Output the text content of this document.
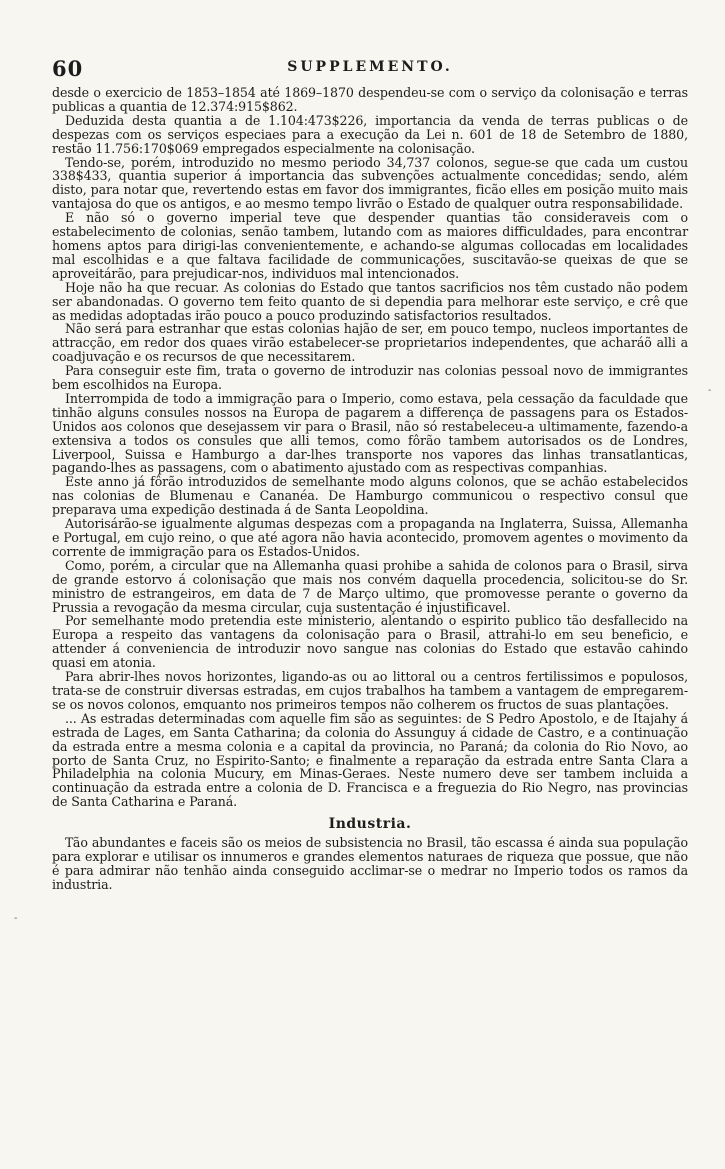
-
-
60	SUPPLEMENTO.

desde o exercicio de 1853–1854 até 1869–1870 despendeu-se com o serviço da colonisação e terras publicas a quantia de 12.374:915$862.

Deduzida desta quantia a de 1.104:473$226, importancia da venda de terras publicas o de despezas com os serviços especiaes para a execução da Lei n. 601 de 18 de Setembro de 1880, restão 11.756:170$069 empregados especialmente na colonisação.

Tendo-se, porém, introduzido no mesmo periodo 34,737 colonos, segue-se que cada um custou 338$433, quantia superior á importancia das subvenções actualmente concedidas; sendo, além disto, para notar que, revertendo estas em favor dos immigrantes, ficão elles em posição muito mais vantajosa do que os antigos, e ao mesmo tempo livrão o Estado de qualquer outra responsabilidade.

E não só o governo imperial teve que despender quantias tão consideraveis com o estabelecimento de colonias, senão tambem, lutando com as maiores difficuldades, para encontrar homens aptos para dirigi-las convenientemente, e achando-se algumas collocadas em localidades mal escolhidas e a que faltava facilidade de communicações, suscitavão-se queixas de que se aproveitárão, para prejudicar-nos, individuos mal intencionados.

Hoje não ha que recuar. As colonias do Estado que tantos sacrificios nos têm custado não podem ser abandonadas. O governo tem feito quanto de si dependia para melhorar este serviço, e crê que as medidas adoptadas irão pouco a pouco produzindo satisfactorios resultados.

Não será para estranhar que estas colonias hajão de ser, em pouco tempo, nucleos importantes de attracção, em redor dos quaes virão estabelecer-se proprietarios independentes, que acharáõ alli a coadjuvação e os recursos de que necessitarem.

Para conseguir este fim, trata o governo de introduzir nas colonias pessoal novo de immigrantes bem escolhidos na Europa.

Interrompida de todo a immigração para o Imperio, como estava, pela cessação da faculdade que tinhão alguns consules nossos na Europa de pagarem a differença de passagens para os Estados-Unidos aos colonos que desejassem vir para o Brasil, não só restabeleceu-a ultimamente, fazendo-a extensiva a todos os consules que alli temos, como fôrão tambem autorisados os de Londres, Liverpool, Suissa e Hamburgo a dar-lhes transporte nos vapores das linhas transatlanticas, pagando-lhes as passagens, com o abatimento ajustado com as respectivas companhias.

Este anno já fôrão introduzidos de semelhante modo alguns colonos, que se achão estabelecidos nas colonias de Blumenau e Cananéa. De Hamburgo communicou o respectivo consul que preparava uma expedição destinada á de Santa Leopoldina.

Autorisárão-se igualmente algumas despezas com a propaganda na Inglaterra, Suissa, Allemanha e Portugal, em cujo reino, o que até agora não havia acontecido, promovem agentes o movimento da corrente de immigração para os Estados-Unidos.

Como, porém, a circular que na Allemanha quasi prohibe a sahida de colonos para o Brasil, sirva de grande estorvo á colonisação que mais nos convém daquella procedencia, solicitou-se do Sr. ministro de estrangeiros, em data de 7 de Março ultimo, que promovesse perante o governo da Prussia a revogação da mesma circular, cuja sustentação é injustificavel.

Por semelhante modo pretendia este ministerio, alentando o espirito publico tão desfallecido na Europa a respeito das vantagens da colonisação para o Brasil, attrahi-lo em seu beneficio, e attender á conveniencia de introduzir novo sangue nas colonias do Estado que estavão cahindo quasi em atonia.

Para abrir-lhes novos horizontes, ligando-as ou ao littoral ou a centros fertilissimos e populosos, trata-se de construir diversas estradas, em cujos trabalhos ha tambem a vantagem de empregarem-se os novos colonos, emquanto nos primeiros tempos não colherem os fructos de suas plantações.

... As estradas determinadas com aquelle fim são as seguintes: de S Pedro Apostolo, e de Itajahy á estrada de Lages, em Santa Catharina; da colonia do Assunguy á cidade de Castro, e a continuação da estrada entre a mesma colonia e a capital da provincia, no Paraná; da colonia do Rio Novo, ao porto de Santa Cruz, no Espirito-Santo; e finalmente a reparação da estrada entre Santa Clara a Philadelphia na colonia Mucury, em Minas-Geraes. Neste numero deve ser tambem incluida a continuação da estrada entre a colonia de D. Francisca e a freguezia do Rio Negro, nas provincias de Santa Catharina e Paraná.

Industria.

Tão abundantes e faceis são os meios de subsistencia no Brasil, tão escassa é ainda sua população para explorar e utilisar os innumeros e grandes elementos naturaes de riqueza que possue, que não é para admirar não tenhão ainda conseguido acclimar-se o medrar no Imperio todos os ramos da industria.
